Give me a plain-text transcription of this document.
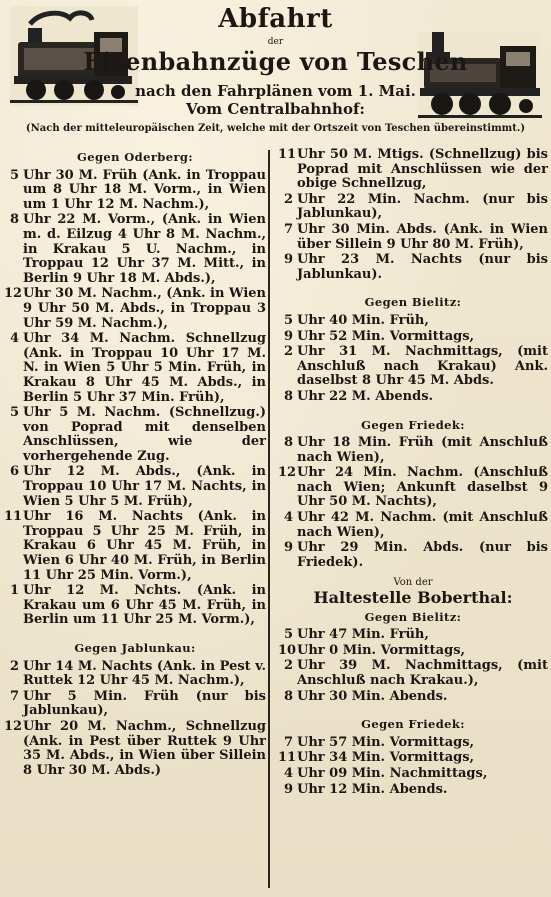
Abfahrt
der
Eisenbahnzüge von Teschen
nach den Fahrplänen vom 1. Mai.
Vom Centralbahnhof:
(Nach der mitteleuropäischen Zeit, welche mit der Ortszeit von Teschen übereinstimmt.)
Gegen Oderberg:
5 Uhr 30 M. Früh (Ank. in Troppau um 8 Uhr 18 M. Vorm., in Wien um 1 Uhr 12 M. Nachm.),
8 Uhr 22 M. Vorm., (Ank. in Wien m. d. Eilzug 4 Uhr 8 M. Nachm., in Krakau 5 U. Nachm., in Troppau 12 Uhr 37 M. Mitt., in Berlin 9 Uhr 18 M. Abds.),
12 Uhr 30 M. Nachm., (Ank. in Wien 9 Uhr 50 M. Abds., in Troppau 3 Uhr 59 M. Nachm.),
4 Uhr 34 M. Nachm. Schnellzug (Ank. in Troppau 10 Uhr 17 M. N. in Wien 5 Uhr 5 Min. Früh, in Krakau 8 Uhr 45 M. Abds., in Berlin 5 Uhr 37 Min. Früh),
5 Uhr 5 M. Nachm. (Schnellzug.) von Poprad mit denselben Anschlüssen, wie der vorhergehende Zug.
6 Uhr 12 M. Abds., (Ank. in Troppau 10 Uhr 17 M. Nachts, in Wien 5 Uhr 5 M. Früh),
11 Uhr 16 M. Nachts (Ank. in Troppau 5 Uhr 25 M. Früh, in Krakau 6 Uhr 45 M. Früh, in Wien 6 Uhr 40 M. Früh, in Berlin 11 Uhr 25 Min. Vorm.),
1 Uhr 12 M. Nchts. (Ank. in Krakau um 6 Uhr 45 M. Früh, in Berlin um 11 Uhr 25 M. Vorm.),
Gegen Jablunkau:
2 Uhr 14 M. Nachts (Ank. in Pest v. Ruttek 12 Uhr 45 M. Nachm.),
7 Uhr 5 Min. Früh (nur bis Jablunkau),
12 Uhr 20 M. Nachm., Schnellzug (Ank. in Pest über Ruttek 9 Uhr 35 M. Abds., in Wien über Sillein 8 Uhr 30 M. Abds.)
11 Uhr 50 M. Mtigs. (Schnellzug) bis Poprad mit Anschlüssen wie der obige Schnellzug,
2 Uhr 22 Min. Nachm. (nur bis Jablunkau),
7 Uhr 30 Min. Abds. (Ank. in Wien über Sillein 9 Uhr 80 M. Früh),
9 Uhr 23 M. Nachts (nur bis Jablunkau).
Gegen Bielitz:
5 Uhr 40 Min. Früh,
9 Uhr 52 Min. Vormittags,
2 Uhr 31 M. Nachmittags, (mit Anschluß nach Krakau) Ank. daselbst 8 Uhr 45 M. Abds.
8 Uhr 22 M. Abends.
Gegen Friedek:
8 Uhr 18 Min. Früh (mit Anschluß nach Wien),
12 Uhr 24 Min. Nachm. (Anschluß nach Wien; Ankunft daselbst 9 Uhr 50 M. Nachts),
4 Uhr 42 M. Nachm. (mit Anschluß nach Wien),
9 Uhr 29 Min. Abds. (nur bis Friedek).
Von der
Haltestelle Boberthal:
Gegen Bielitz:
5 Uhr 47 Min. Früh,
10 Uhr 0 Min. Vormittags,
2 Uhr 39 M. Nachmittags, (mit Anschluß nach Krakau.),
8 Uhr 30 Min. Abends.
Gegen Friedek:
7 Uhr 57 Min. Vormittags,
11 Uhr 34 Min. Vormittags,
4 Uhr 09 Min. Nachmittags,
9 Uhr 12 Min. Abends.
